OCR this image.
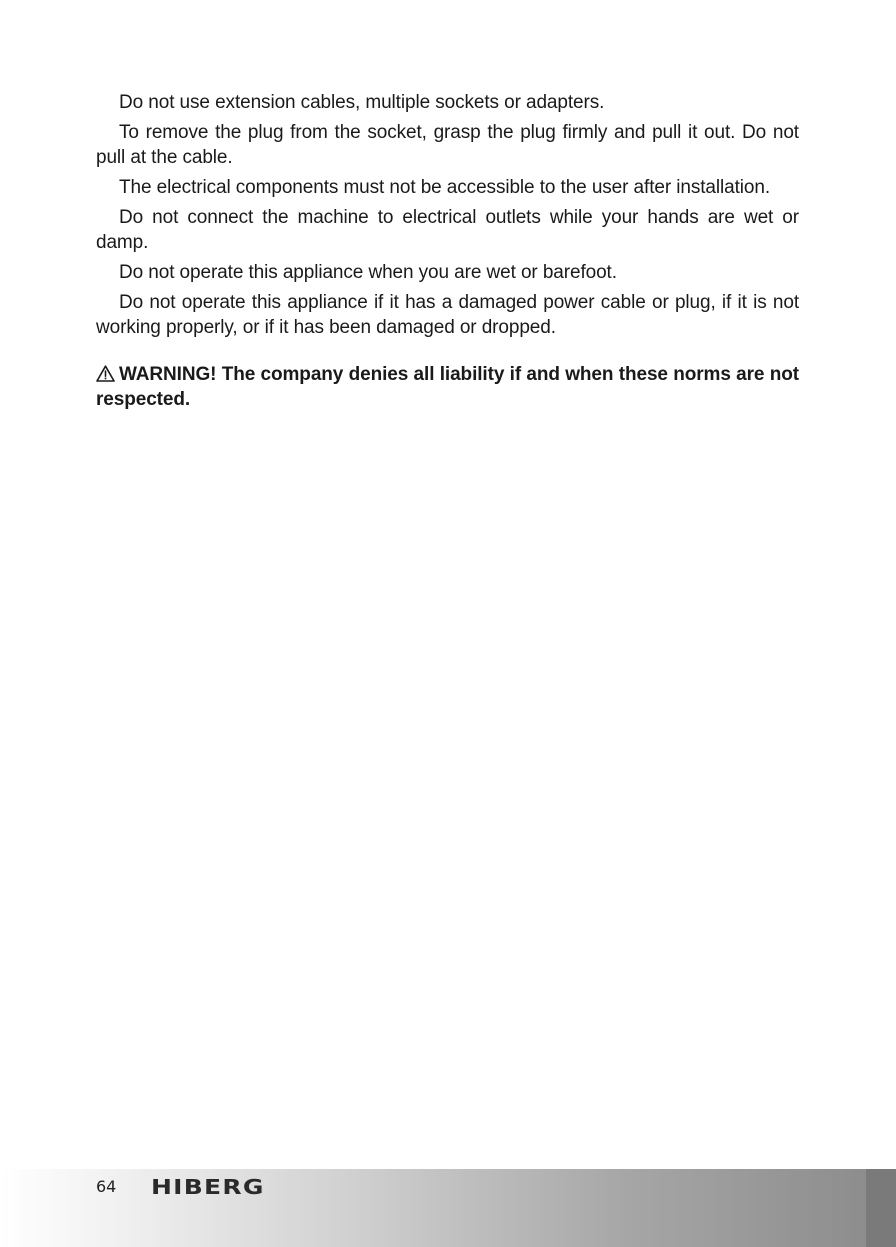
Do not use extension cables, multiple sockets or adapters.

To remove the plug from the socket, grasp the plug firmly and pull it out. Do not pull at the cable.

The electrical components must not be accessible to the user after installation.

Do not connect the machine to electrical outlets while your hands are wet or damp.

Do not operate this appliance when you are wet or barefoot.

Do not operate this appliance if it has a damaged power cable or plug, if it is not working properly, or if it has been damaged or dropped.

WARNING! The company denies all liability if and when these norms are not respected.
64 HIBERG
